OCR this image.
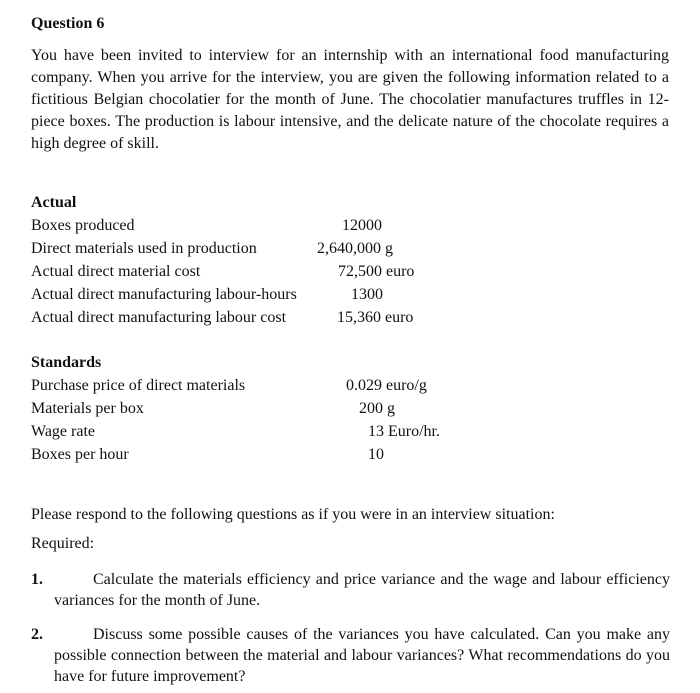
Question 6
You have been invited to interview for an internship with an international food manufacturing company. When you arrive for the interview, you are given the following information related to a fictitious Belgian chocolatier for the month of June. The chocolatier manufactures truffles in 12-piece boxes. The production is labour intensive, and the delicate nature of the chocolate requires a high degree of skill.
Actual
Boxes produced	12000
Direct materials used in production	2,640,000 g
Actual direct material cost	72,500 euro
Actual direct manufacturing labour-hours	1300
Actual direct manufacturing labour cost	15,360 euro
Standards
Purchase price of direct materials	0.029 euro/g
Materials per box	200 g
Wage rate	13 Euro/hr.
Boxes per hour	10
Please respond to the following questions as if you were in an interview situation:
Required:
1.	Calculate the materials efficiency and price variance and the wage and labour efficiency variances for the month of June.
2.	Discuss some possible causes of the variances you have calculated. Can you make any possible connection between the material and labour variances? What recommendations do you have for future improvement?
